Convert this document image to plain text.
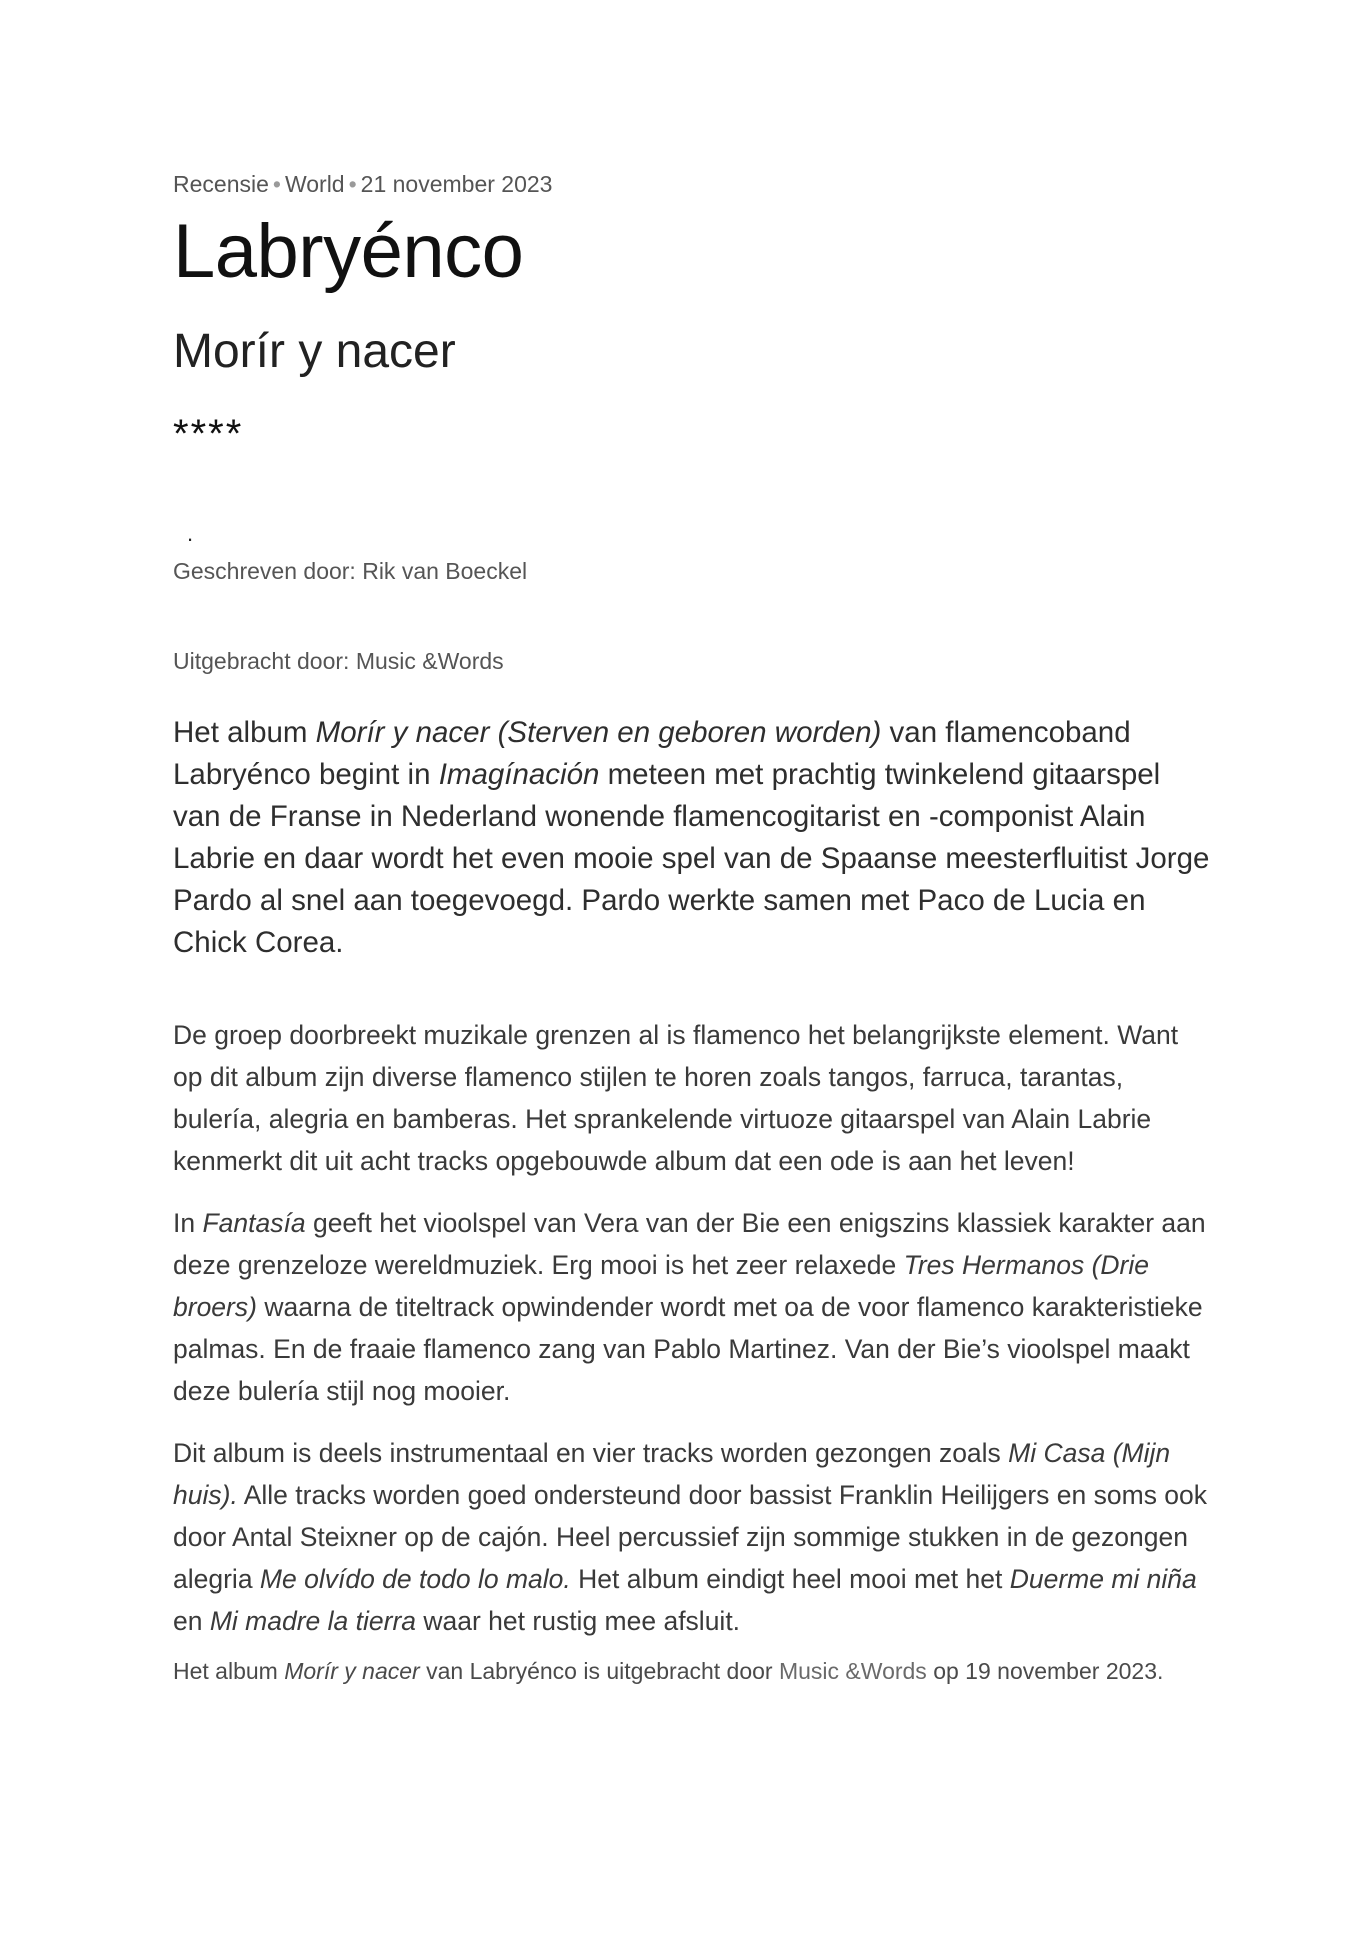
Recensie • World • 21 november 2023

Labryénco
Morír y nacer
****
.

Geschreven door: Rik van Boeckel

Uitgebracht door: Music &Words

Het album Morír y nacer (Sterven en geboren worden) van flamencoband Labryénco begint in Imagínación meteen met prachtig twinkelend gitaarspel van de Franse in Nederland wonende flamencogitarist en -componist Alain Labrie en daar wordt het even mooie spel van de Spaanse meesterfluitist Jorge Pardo al snel aan toegevoegd. Pardo werkte samen met Paco de Lucia en Chick Corea.

De groep doorbreekt muzikale grenzen al is flamenco het belangrijkste element. Want op dit album zijn diverse flamenco stijlen te horen zoals tangos, farruca, tarantas, bulería, alegria en bamberas. Het sprankelende virtuoze gitaarspel van Alain Labrie kenmerkt dit uit acht tracks opgebouwde album dat een ode is aan het leven!

In Fantasía geeft het vioolspel van Vera van der Bie een enigszins klassiek karakter aan deze grenzeloze wereldmuziek. Erg mooi is het zeer relaxede Tres Hermanos (Drie broers) waarna de titeltrack opwindender wordt met oa de voor flamenco karakteristieke palmas. En de fraaie flamenco zang van Pablo Martinez. Van der Bie’s vioolspel maakt deze bulería stijl nog mooier.

Dit album is deels instrumentaal en vier tracks worden gezongen zoals Mi Casa (Mijn huis). Alle tracks worden goed ondersteund door bassist Franklin Heilijgers en soms ook door Antal Steixner op de cajón. Heel percussief zijn sommige stukken in de gezongen alegria Me olvído de todo lo malo. Het album eindigt heel mooi met het Duerme mi niña en Mi madre la tierra waar het rustig mee afsluit.

Het album Morír y nacer van Labryénco is uitgebracht door Music &Words op 19 november 2023.
